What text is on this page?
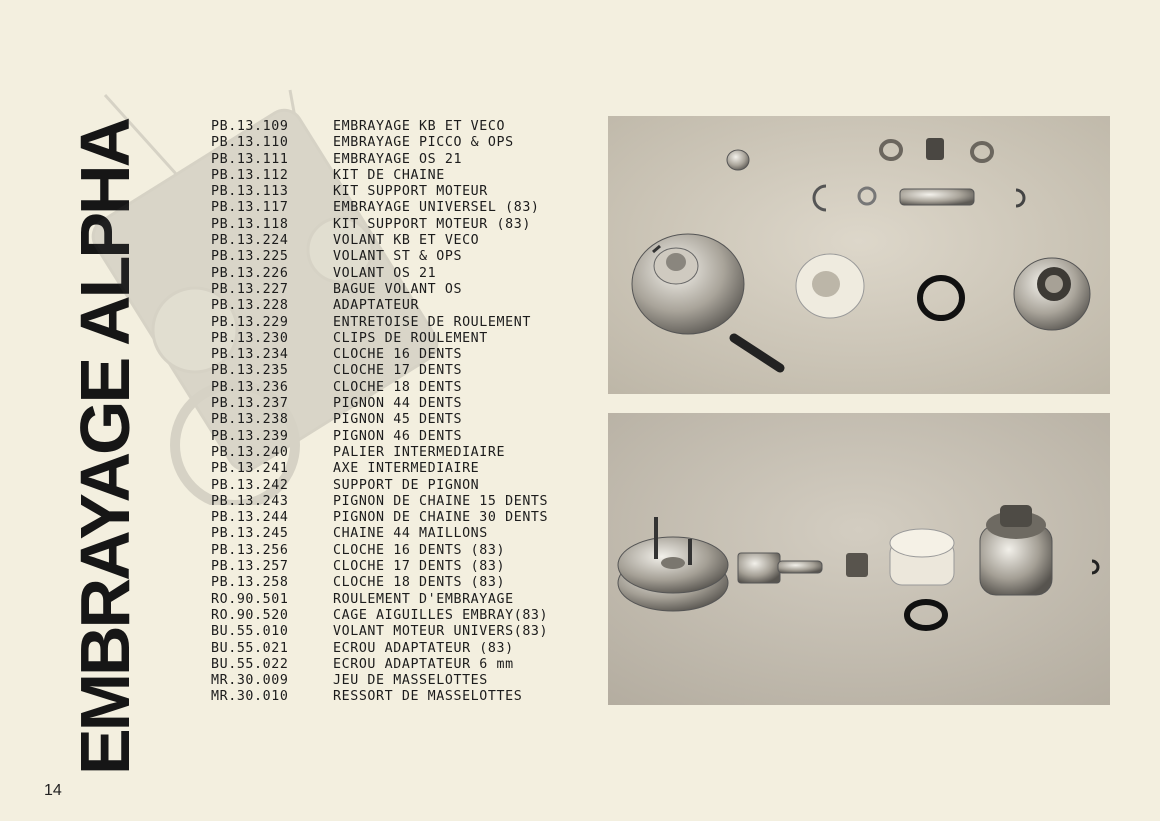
EMBRAYAGE ALPHA	PB.13.109	EMBRAYAGE KB ET VECO
PB.13.110	EMBRAYAGE PICCO & OPS
PB.13.111	EMBRAYAGE OS 21
PB.13.112	KIT DE CHAINE
PB.13.113	KIT SUPPORT MOTEUR
PB.13.117	EMBRAYAGE UNIVERSEL (83)
PB.13.118	KIT SUPPORT MOTEUR (83)
PB.13.224	VOLANT KB ET VECO
PB.13.225	VOLANT ST & OPS
PB.13.226	VOLANT OS 21
PB.13.227	BAGUE VOLANT OS
PB.13.228	ADAPTATEUR
PB.13.229	ENTRETOISE DE ROULEMENT
PB.13.230	CLIPS DE ROULEMENT
PB.13.234	CLOCHE 16 DENTS
PB.13.235	CLOCHE 17 DENTS
PB.13.236	CLOCHE 18 DENTS
PB.13.237	PIGNON 44 DENTS
PB.13.238	PIGNON 45 DENTS
PB.13.239	PIGNON 46 DENTS
PB.13.240	PALIER INTERMEDIAIRE
PB.13.241	AXE INTERMEDIAIRE
PB.13.242	SUPPORT DE PIGNON
PB.13.243	PIGNON DE CHAINE 15 DENTS
PB.13.244	PIGNON DE CHAINE 30 DENTS
PB.13.245	CHAINE 44 MAILLONS
PB.13.256	CLOCHE 16 DENTS (83)
PB.13.257	CLOCHE 17 DENTS (83)
PB.13.258	CLOCHE 18 DENTS (83)
RO.90.501	ROULEMENT D'EMBRAYAGE
RO.90.520	CAGE AIGUILLES EMBRAY(83)
BU.55.010	VOLANT MOTEUR UNIVERS(83)
BU.55.021	ECROU ADAPTATEUR (83)
BU.55.022	ECROU ADAPTATEUR 6 mm
MR.30.009	JEU DE MASSELOTTES
MR.30.010	RESSORT DE MASSELOTTES
14
